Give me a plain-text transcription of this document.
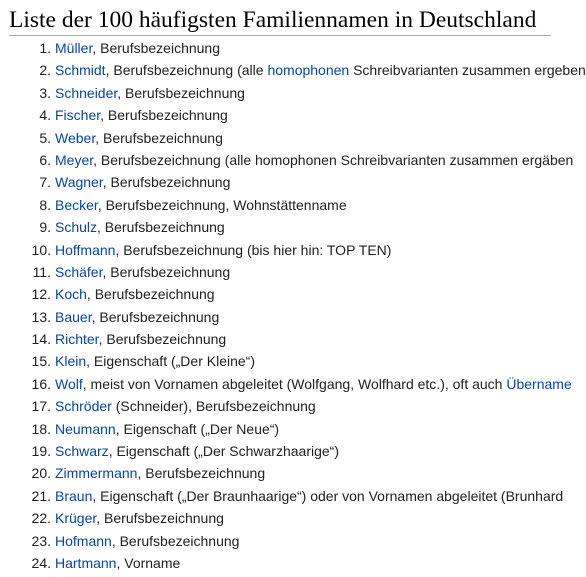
Liste der 100 häufigsten Familiennamen in Deutschland
1. Müller, Berufsbezeichnung
2. Schmidt, Berufsbezeichnung (alle homophonen Schreibvarianten zusammen ergeben
3. Schneider, Berufsbezeichnung
4. Fischer, Berufsbezeichnung
5. Weber, Berufsbezeichnung
6. Meyer, Berufsbezeichnung (alle homophonen Schreibvarianten zusammen ergäben
7. Wagner, Berufsbezeichnung
8. Becker, Berufsbezeichnung, Wohnstättenname
9. Schulz, Berufsbezeichnung
10. Hoffmann, Berufsbezeichnung (bis hier hin: TOP TEN)
11. Schäfer, Berufsbezeichnung
12. Koch, Berufsbezeichnung
13. Bauer, Berufsbezeichnung
14. Richter, Berufsbezeichnung
15. Klein, Eigenschaft („Der Kleine“)
16. Wolf, meist von Vornamen abgeleitet (Wolfgang, Wolfhard etc.), oft auch Übername
17. Schröder (Schneider), Berufsbezeichnung
18. Neumann, Eigenschaft („Der Neue“)
19. Schwarz, Eigenschaft („Der Schwarzhaarige“)
20. Zimmermann, Berufsbezeichnung
21. Braun, Eigenschaft („Der Braunhaarige“) oder von Vornamen abgeleitet (Brunhard
22. Krüger, Berufsbezeichnung
23. Hofmann, Berufsbezeichnung
24. Hartmann, Vorname
